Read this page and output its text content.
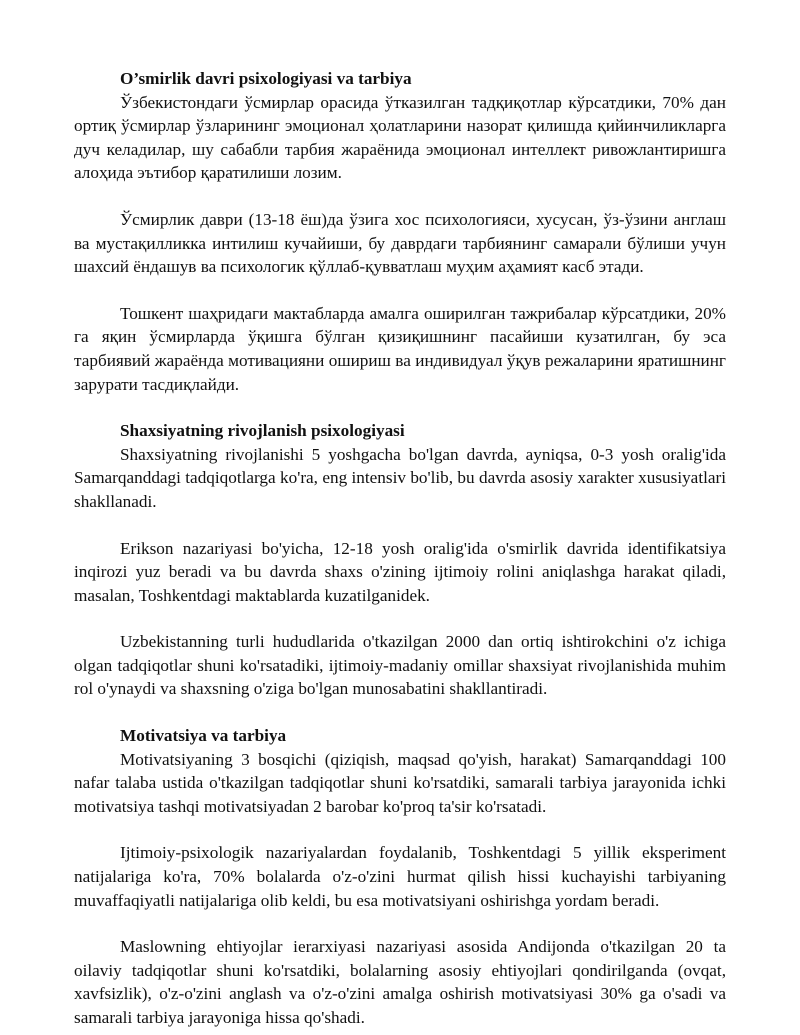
O’smirlik davri psixologiyasi va tarbiya

Ўзбекистондаги ўсмирлар орасида ўтказилган тадқиқотлар кўрсатдики, 70% дан ортиқ ўсмирлар ўзларининг эмоционал ҳолатларини назорат қилишда қийинчиликларга дуч келадилар, шу сабабли тарбия жараёнида эмоционал интеллект ривожлантиришга алоҳида эътибор қаратилиши лозим.

Ўсмирлик даври (13-18 ёш)да ўзига хос психологияси, хусусан, ўз-ўзини англаш ва мустақилликка интилиш кучайиши, бу даврдаги тарбиянинг самарали бўлиши учун шахсий ёндашув ва психологик қўллаб-қувватлаш муҳим аҳамият касб этади.

Тошкент шаҳридаги мактабларда амалга оширилган тажрибалар кўрсатдики, 20% га яқин ўсмирларда ўқишга бўлган қизиқишнинг пасайиши кузатилган, бу эса тарбиявий жараёнда мотивацияни ошириш ва индивидуал ўқув режаларини яратишнинг зарурати тасдиқлайди.

Shaxsiyatning rivojlanish psixologiyasi

Shaxsiyatning rivojlanishi 5 yoshgacha bo'lgan davrda, ayniqsa, 0-3 yosh oralig'ida Samarqanddagi tadqiqotlarga ko'ra, eng intensiv bo'lib, bu davrda asosiy xarakter xususiyatlari shakllanadi.

Erikson nazariyasi bo'yicha, 12-18 yosh oralig'ida o'smirlik davrida identifikatsiya inqirozi yuz beradi va bu davrda shaxs o'zining ijtimoiy rolini aniqlashga harakat qiladi, masalan, Toshkentdagi maktablarda kuzatilganidek.

Uzbekistanning turli hududlarida o'tkazilgan 2000 dan ortiq ishtirokchini o'z ichiga olgan tadqiqotlar shuni ko'rsatadiki, ijtimoiy-madaniy omillar shaxsiyat rivojlanishida muhim rol o'ynaydi va shaxsning o'ziga bo'lgan munosabatini shakllantiradi.

Motivatsiya va tarbiya

Motivatsiyaning 3 bosqichi (qiziqish, maqsad qo'yish, harakat) Samarqanddagi 100 nafar talaba ustida o'tkazilgan tadqiqotlar shuni ko'rsatdiki, samarali tarbiya jarayonida ichki motivatsiya tashqi motivatsiyadan 2 barobar ko'proq ta'sir ko'rsatadi.

Ijtimoiy-psixologik nazariyalardan foydalanib, Toshkentdagi 5 yillik eksperiment natijalariga ko'ra, 70% bolalarda o'z-o'zini hurmat qilish hissi kuchayishi tarbiyaning muvaffaqiyatli natijalariga olib keldi, bu esa motivatsiyani oshirishga yordam beradi.

Maslowning ehtiyojlar ierarxiyasi nazariyasi asosida Andijonda o'tkazilgan 20 ta oilaviy tadqiqotlar shuni ko'rsatdiki, bolalarning asosiy ehtiyojlari qondirilganda (ovqat, xavfsizlik), o'z-o'zini anglash va o'z-o'zini amalga oshirish motivatsiyasi 30% ga o'sadi va samarali tarbiya jarayoniga hissa qo'shadi.
